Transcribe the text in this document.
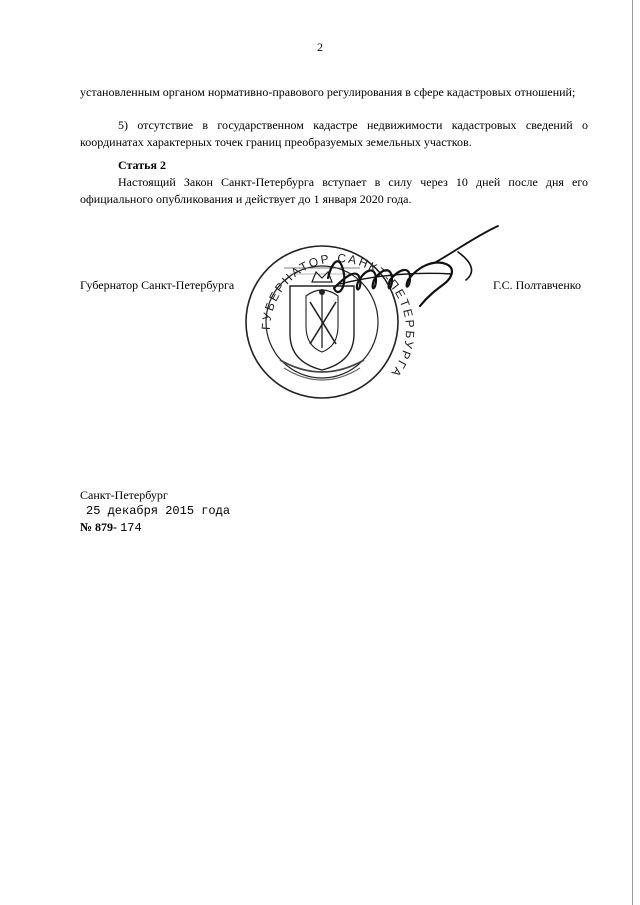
2
установленным органом нормативно-правового регулирования в сфере кадастровых отношений;
5) отсутствие в государственном кадастре недвижимости кадастровых сведений о координатах характерных точек границ преобразуемых земельных участков.
Статья 2
Настоящий Закон Санкт-Петербурга вступает в силу через 10 дней после дня его официального опубликования и действует до 1 января 2020 года.
ГУБЕРНАТОР САНКТ-ПЕТЕРБУРГА
Губернатор Санкт-Петербурга	Г.С. Полтавченко
Санкт-Петербург
25 декабря 2015 года
№ 879- 174
